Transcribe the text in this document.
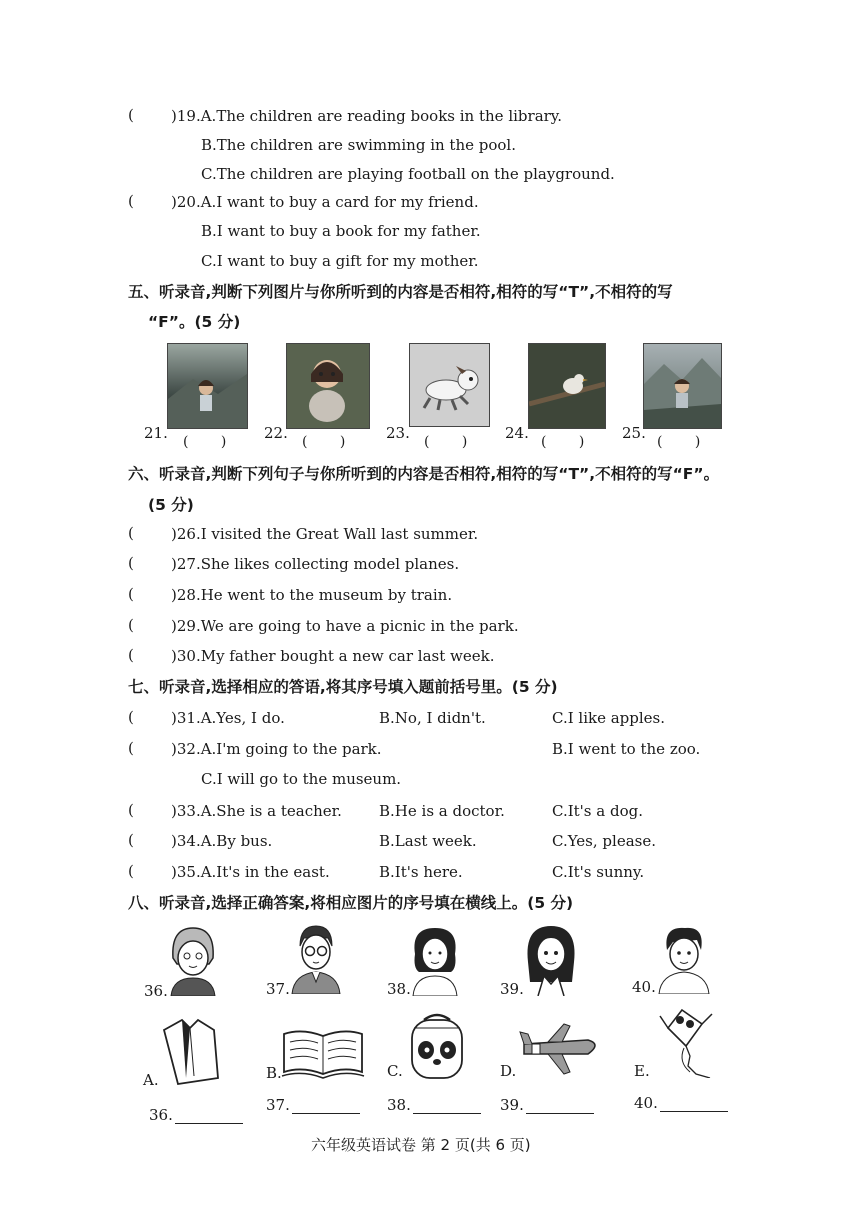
( )19.A.The children are reading books in the library.
B.The children are swimming in the pool.
C.The children are playing football on the playground.
( )20.A.I want to buy a card for my friend.
B.I want to buy a book for my father.
C.I want to buy a gift for my mother.
五、听录音,判断下列图片与你所听到的内容是否相符,相符的写“T”,不相符的写
“F”。(5 分)
21. ( ) 22. ( ) 23. ( ) 24. ( ) 25. ( )
六、听录音,判断下列句子与你所听到的内容是否相符,相符的写“T”,不相符的写“F”。
(5 分)
( )26.I visited the Great Wall last summer.
( )27.She likes collecting model planes.
( )28.He went to the museum by train.
( )29.We are going to have a picnic in the park.
( )30.My father bought a new car last week.
七、听录音,选择相应的答语,将其序号填入题前括号里。(5 分)
( )31.A.Yes, I do.	B.No, I didn't.	C.I like apples.
( )32.A.I'm going to the park.	B.I went to the zoo.
C.I will go to the museum.
( )33.A.She is a teacher. B.He is a doctor.	C.It's a dog.
( )34.A.By bus.	B.Last week.	C.Yes, please.
( )35.A.It's in the east.	B.It's here.	C.It's sunny.
八、听录音,选择正确答案,将相应图片的序号填在横线上。(5 分)
36.	37.	38.	39.	40.
A.	B.	C.	D.	E.
36.
37.	38.	39.	40.
六年级英语试卷 第 2 页(共 6 页)
